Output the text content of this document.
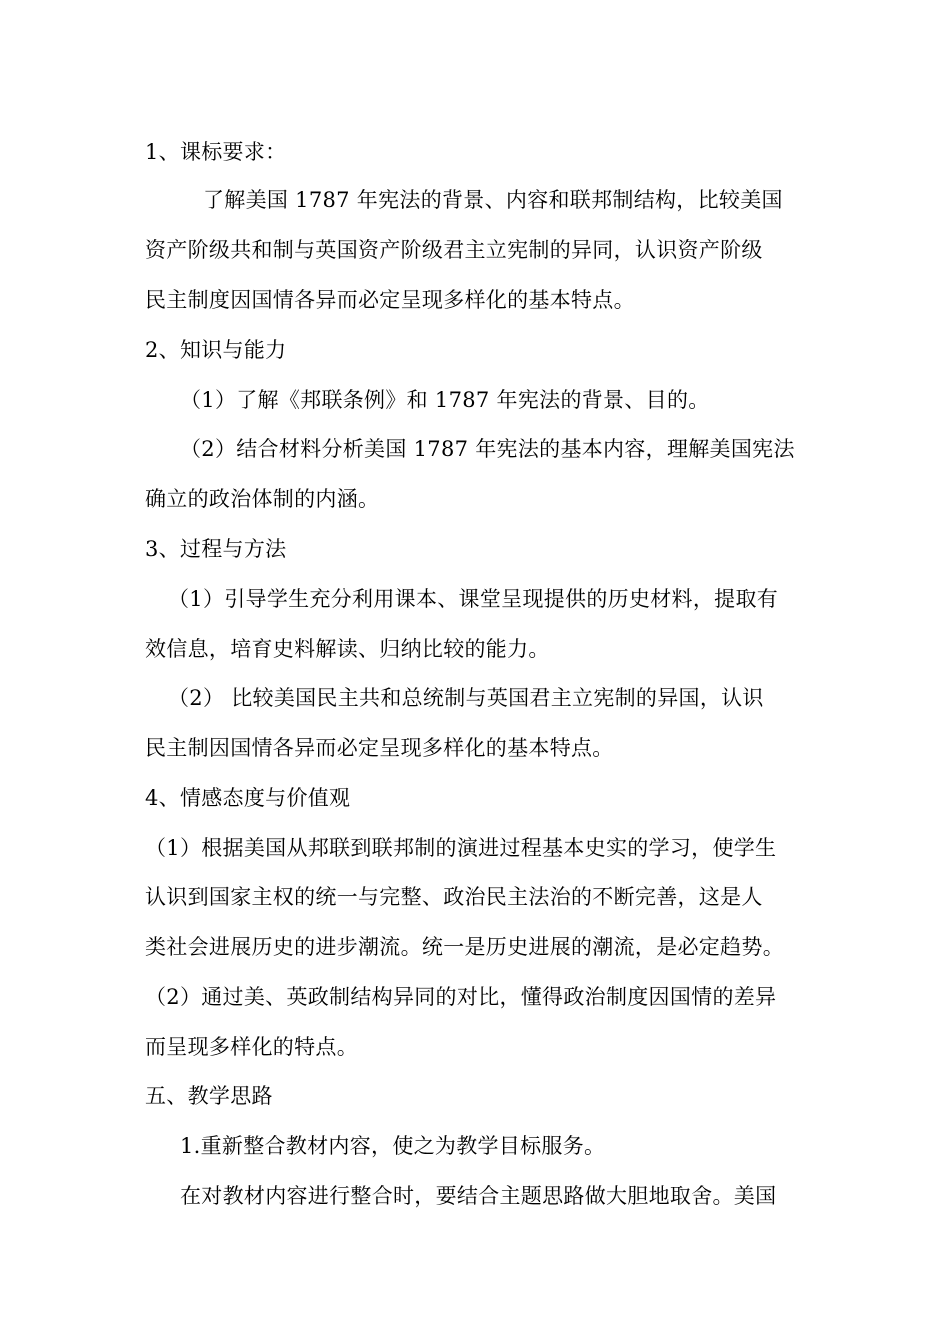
1、课标要求：

了解美国 1787 年宪法的背景、内容和联邦制结构，比较美国

资产阶级共和制与英国资产阶级君主立宪制的异同，认识资产阶级

民主制度因国情各异而必定呈现多样化的基本特点。

2、知识与能力

（1）了解《邦联条例》和 1787 年宪法的背景、目的。

（2）结合材料分析美国 1787 年宪法的基本内容，理解美国宪法

确立的政治体制的内涵。

3、过程与方法

（1）引导学生充分利用课本、课堂呈现提供的历史材料，提取有

效信息，培育史料解读、归纳比较的能力。

（2） 比较美国民主共和总统制与英国君主立宪制的异国，认识

民主制因国情各异而必定呈现多样化的基本特点。

4、情感态度与价值观

（1）根据美国从邦联到联邦制的演进过程基本史实的学习，使学生

认识到国家主权的统一与完整、政治民主法治的不断完善，这是人

类社会进展历史的进步潮流。统一是历史进展的潮流，是必定趋势。

（2）通过美、英政制结构异同的对比，懂得政治制度因国情的差异

而呈现多样化的特点。

五、教学思路

1.重新整合教材内容，使之为教学目标服务。

在对教材内容进行整合时，要结合主题思路做大胆地取舍。美国
